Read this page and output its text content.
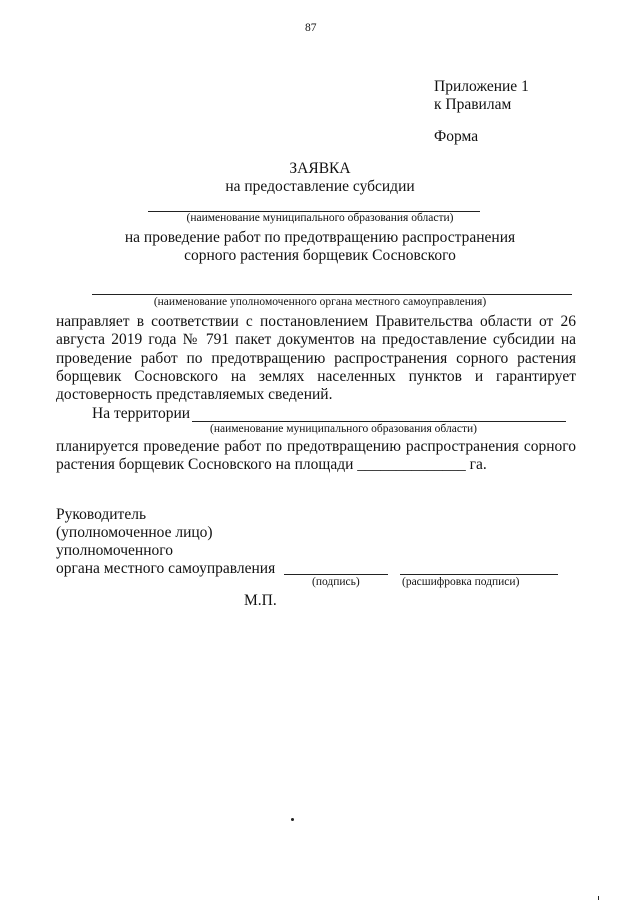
87
Приложение 1
к Правилам
Форма
ЗАЯВКА
на предоставление субсидии
(наименование муниципального образования области)
на проведение работ по предотвращению распространения
сорного растения борщевик Сосновского
(наименование уполномоченного органа местного самоуправления)
направляет в соответствии с постановлением Правительства области от 26
августа 2019 года № 791 пакет документов на предоставление субсидии на
проведение работ по предотвращению распространения сорного растения
борщевик Сосновского на землях населенных пунктов и гарантирует
достоверность представляемых сведений.
На территории
(наименование муниципального образования области)
планируется проведение работ по предотвращению распространения сорного
растения борщевик Сосновского на площади ______________ га.
Руководитель
(уполномоченное лицо)
уполномоченного
органа местного самоуправления
(подпись)	(расшифровка подписи)
М.П.
